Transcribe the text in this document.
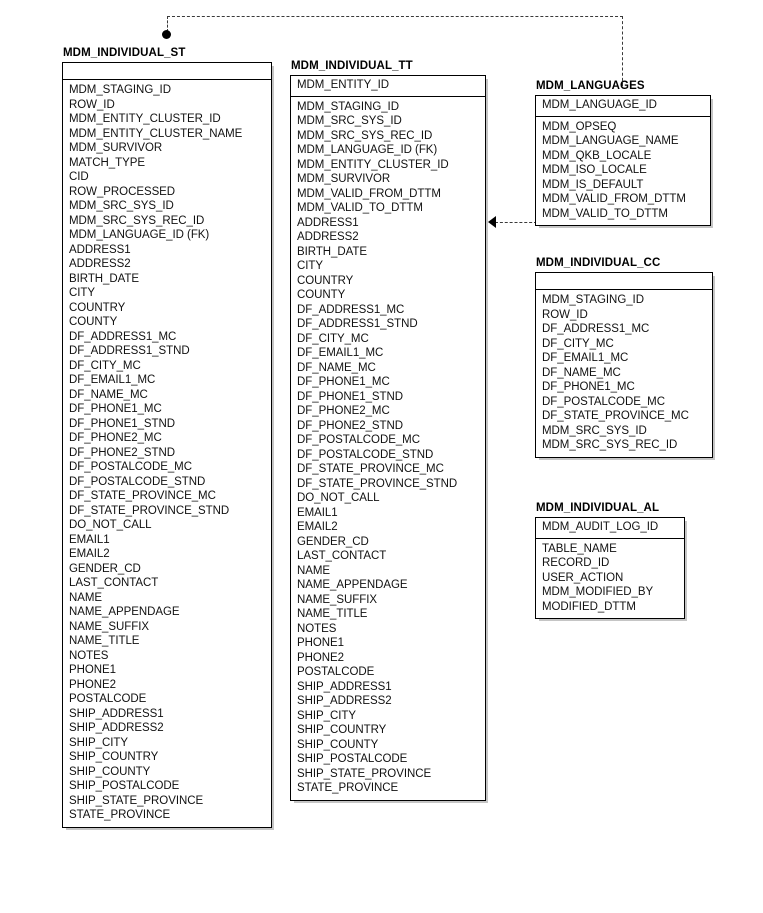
MDM_INDIVIDUAL_ST
MDM_STAGING_ID
ROW_ID
MDM_ENTITY_CLUSTER_ID
MDM_ENTITY_CLUSTER_NAME
MDM_SURVIVOR
MATCH_TYPE
CID
ROW_PROCESSED
MDM_SRC_SYS_ID
MDM_SRC_SYS_REC_ID
MDM_LANGUAGE_ID (FK)
ADDRESS1
ADDRESS2
BIRTH_DATE
CITY
COUNTRY
COUNTY
DF_ADDRESS1_MC
DF_ADDRESS1_STND
DF_CITY_MC
DF_EMAIL1_MC
DF_NAME_MC
DF_PHONE1_MC
DF_PHONE1_STND
DF_PHONE2_MC
DF_PHONE2_STND
DF_POSTALCODE_MC
DF_POSTALCODE_STND
DF_STATE_PROVINCE_MC
DF_STATE_PROVINCE_STND
DO_NOT_CALL
EMAIL1
EMAIL2
GENDER_CD
LAST_CONTACT
NAME
NAME_APPENDAGE
NAME_SUFFIX
NAME_TITLE
NOTES
PHONE1
PHONE2
POSTALCODE
SHIP_ADDRESS1
SHIP_ADDRESS2
SHIP_CITY
SHIP_COUNTRY
SHIP_COUNTY
SHIP_POSTALCODE
SHIP_STATE_PROVINCE
STATE_PROVINCE
MDM_INDIVIDUAL_TT
MDM_ENTITY_ID
MDM_STAGING_ID
MDM_SRC_SYS_ID
MDM_SRC_SYS_REC_ID
MDM_LANGUAGE_ID (FK)
MDM_ENTITY_CLUSTER_ID
MDM_SURVIVOR
MDM_VALID_FROM_DTTM
MDM_VALID_TO_DTTM
ADDRESS1
ADDRESS2
BIRTH_DATE
CITY
COUNTRY
COUNTY
DF_ADDRESS1_MC
DF_ADDRESS1_STND
DF_CITY_MC
DF_EMAIL1_MC
DF_NAME_MC
DF_PHONE1_MC
DF_PHONE1_STND
DF_PHONE2_MC
DF_PHONE2_STND
DF_POSTALCODE_MC
DF_POSTALCODE_STND
DF_STATE_PROVINCE_MC
DF_STATE_PROVINCE_STND
DO_NOT_CALL
EMAIL1
EMAIL2
GENDER_CD
LAST_CONTACT
NAME
NAME_APPENDAGE
NAME_SUFFIX
NAME_TITLE
NOTES
PHONE1
PHONE2
POSTALCODE
SHIP_ADDRESS1
SHIP_ADDRESS2
SHIP_CITY
SHIP_COUNTRY
SHIP_COUNTY
SHIP_POSTALCODE
SHIP_STATE_PROVINCE
STATE_PROVINCE
MDM_LANGUAGES
MDM_LANGUAGE_ID
MDM_OPSEQ
MDM_LANGUAGE_NAME
MDM_QKB_LOCALE
MDM_ISO_LOCALE
MDM_IS_DEFAULT
MDM_VALID_FROM_DTTM
MDM_VALID_TO_DTTM
MDM_INDIVIDUAL_CC
MDM_STAGING_ID
ROW_ID
DF_ADDRESS1_MC
DF_CITY_MC
DF_EMAIL1_MC
DF_NAME_MC
DF_PHONE1_MC
DF_POSTALCODE_MC
DF_STATE_PROVINCE_MC
MDM_SRC_SYS_ID
MDM_SRC_SYS_REC_ID
MDM_INDIVIDUAL_AL
MDM_AUDIT_LOG_ID
TABLE_NAME
RECORD_ID
USER_ACTION
MDM_MODIFIED_BY
MODIFIED_DTTM
